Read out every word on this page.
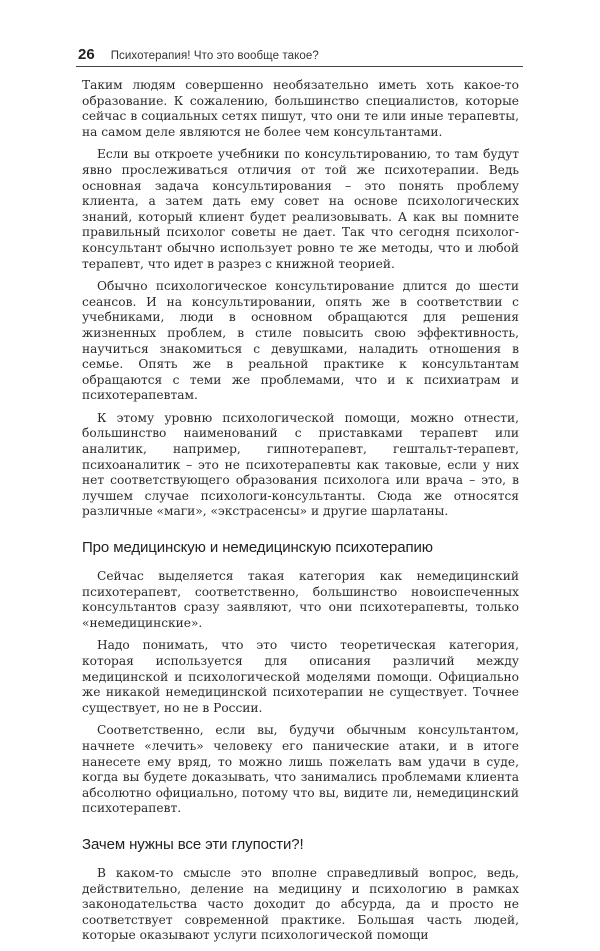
26 Психотерапия! Что это вообще такое?

Таким людям совершенно необязательно иметь хоть какое-то образование. К сожалению, большинство специалистов, которые сейчас в социальных сетях пишут, что они те или иные терапевты, на самом деле являются не более чем консультантами.

Если вы откроете учебники по консультированию, то там будут явно прослеживаться отличия от той же психотерапии. Ведь основная задача консультирования – это понять проблему клиента, а затем дать ему совет на основе психологических знаний, который клиент будет реализовывать. А как вы помните правильный психолог советы не дает. Так что сегодня психолог-консультант обычно использует ровно те же методы, что и любой терапевт, что идет в разрез с книжной теорией.

Обычно психологическое консультирование длится до шести сеансов. И на консультировании, опять же в соответствии с учебниками, люди в основном обращаются для решения жизненных проблем, в стиле повысить свою эффективность, научиться знакомиться с девушками, наладить отношения в семье. Опять же в реальной практике к консультантам обращаются с теми же проблемами, что и к психиатрам и психотерапевтам.

К этому уровню психологической помощи, можно отнести, большинство наименований с приставками терапевт или аналитик, например, гипнотерапевт, гештальт-терапевт, психоаналитик – это не психотерапевты как таковые, если у них нет соответствующего образования психолога или врача – это, в лучшем случае психологи-консультанты. Сюда же относятся различные «маги», «экстрасенсы» и другие шарлатаны.

Про медицинскую и немедицинскую психотерапию

Сейчас выделяется такая категория как немедицинский психотерапевт, соответственно, большинство новоиспеченных консультантов сразу заявляют, что они психотерапевты, только «немедицинские».

Надо понимать, что это чисто теоретическая категория, которая используется для описания различий между медицинской и психологической моделями помощи. Официально же никакой немедицинской психотерапии не существует. Точнее существует, но не в России.

Соответственно, если вы, будучи обычным консультантом, начнете «лечить» человеку его панические атаки, и в итоге нанесете ему вряд, то можно лишь пожелать вам удачи в суде, когда вы будете доказывать, что занимались проблемами клиента абсолютно официально, потому что вы, видите ли, немедицинский психотерапевт.

Зачем нужны все эти глупости?!

В каком-то смысле это вполне справедливый вопрос, ведь, действительно, деление на медицину и психологию в рамках законодательства часто доходит до абсурда, да и просто не соответствует современной практике. Большая часть людей, которые оказывают услуги психологической помощи
